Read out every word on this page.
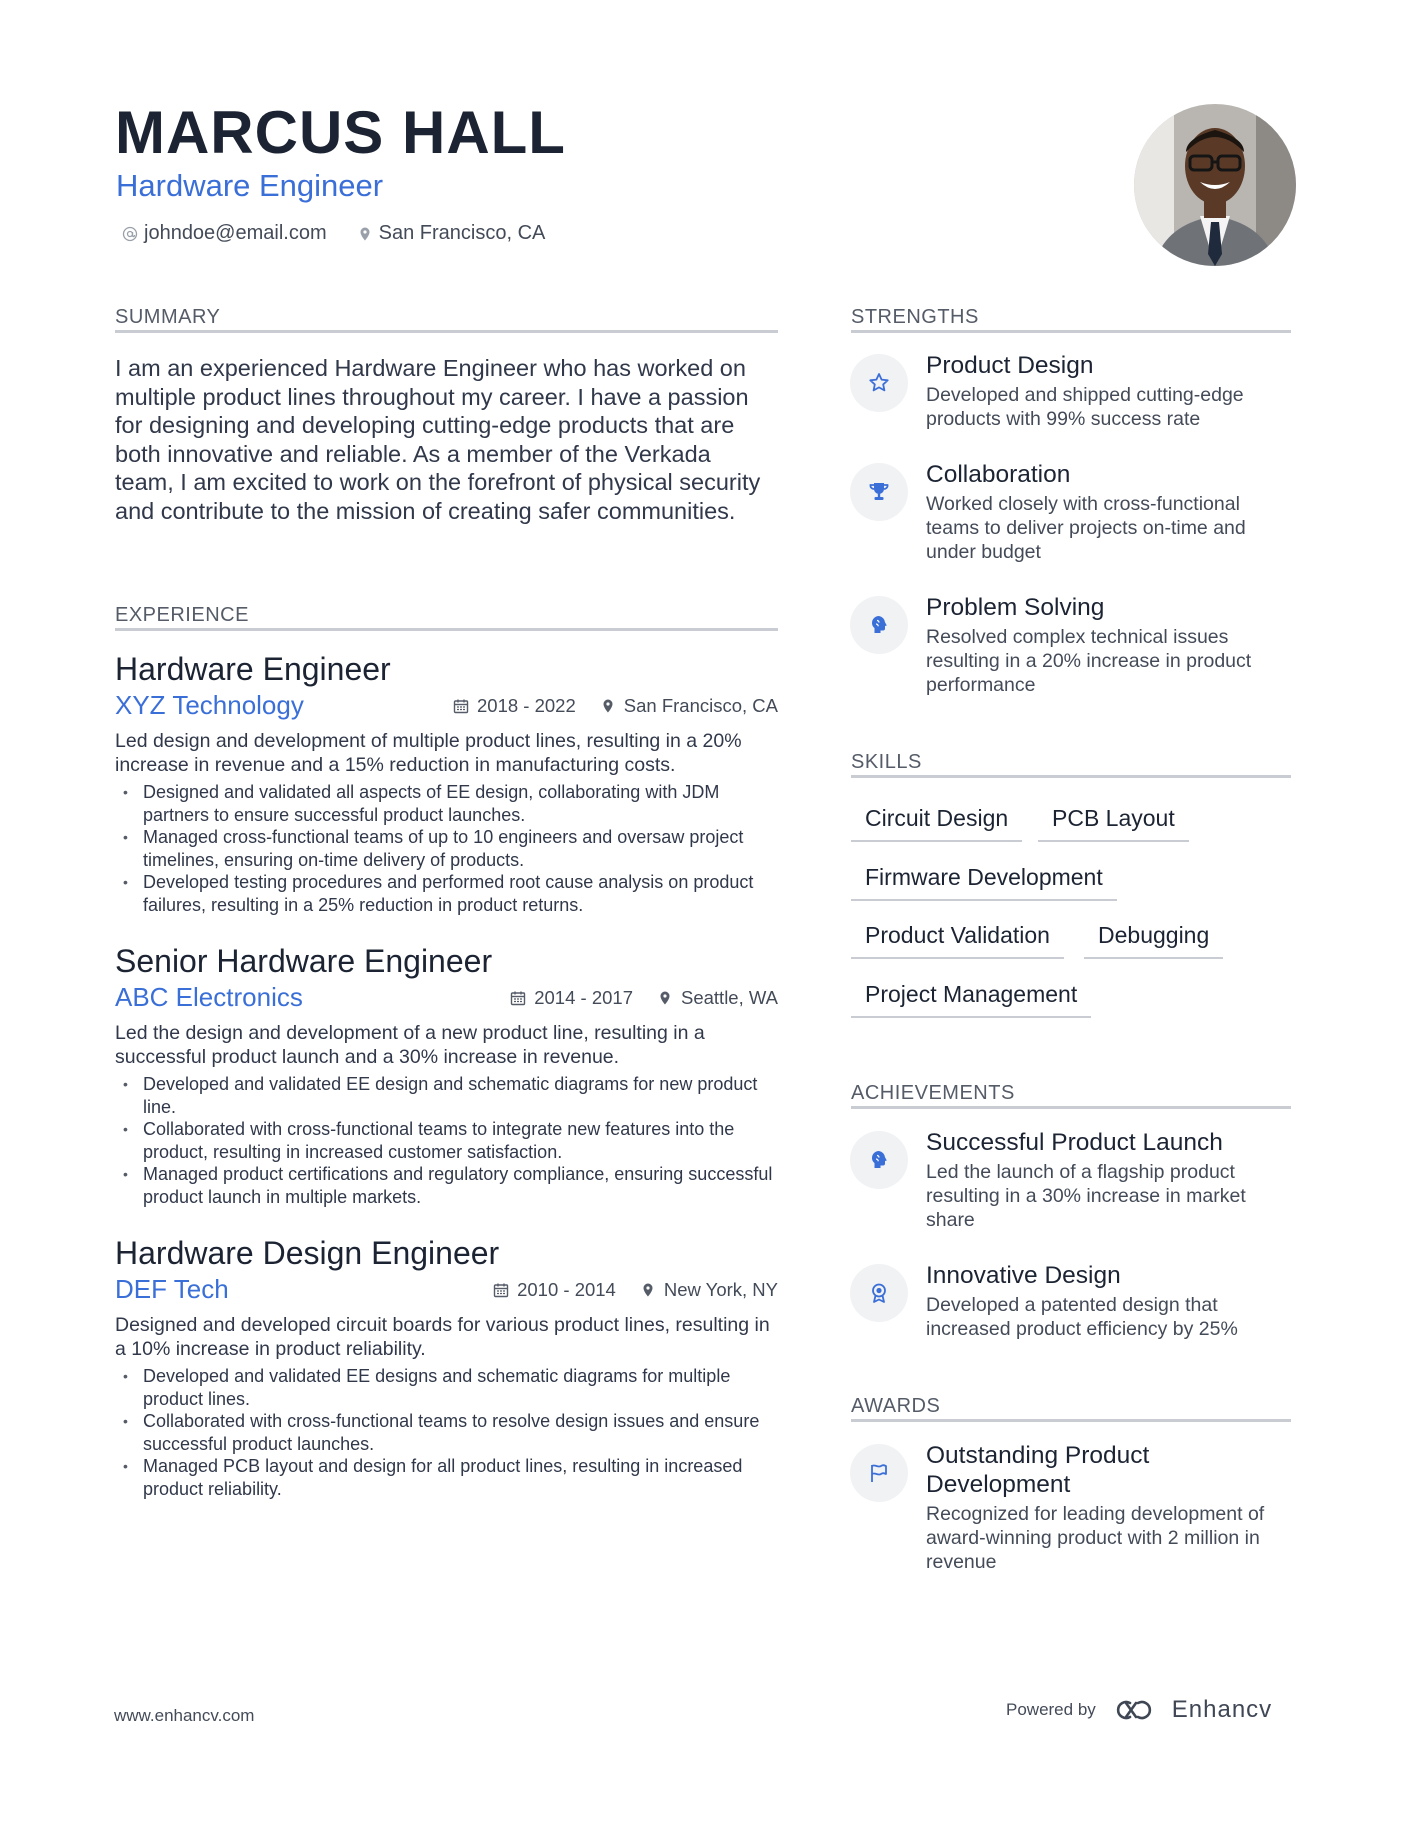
MARCUS HALL
Hardware Engineer
johndoe@email.com	San Francisco, CA
SUMMARY
I am an experienced Hardware Engineer who has worked on multiple product lines throughout my career. I have a passion for designing and developing cutting-edge products that are both innovative and reliable. As a member of the Verkada team, I am excited to work on the forefront of physical security and contribute to the mission of creating safer communities.
EXPERIENCE
Hardware Engineer
XYZ Technology	2018 - 2022	San Francisco, CA
Led design and development of multiple product lines, resulting in a 20% increase in revenue and a 15% reduction in manufacturing costs.
• Designed and validated all aspects of EE design, collaborating with JDM partners to ensure successful product launches.
• Managed cross-functional teams of up to 10 engineers and oversaw project timelines, ensuring on-time delivery of products.
• Developed testing procedures and performed root cause analysis on product failures, resulting in a 25% reduction in product returns.
Senior Hardware Engineer
ABC Electronics	2014 - 2017	Seattle, WA
Led the design and development of a new product line, resulting in a successful product launch and a 30% increase in revenue.
• Developed and validated EE design and schematic diagrams for new product line.
• Collaborated with cross-functional teams to integrate new features into the product, resulting in increased customer satisfaction.
• Managed product certifications and regulatory compliance, ensuring successful product launch in multiple markets.
Hardware Design Engineer
DEF Tech	2010 - 2014	New York, NY
Designed and developed circuit boards for various product lines, resulting in a 10% increase in product reliability.
• Developed and validated EE designs and schematic diagrams for multiple product lines.
• Collaborated with cross-functional teams to resolve design issues and ensure successful product launches.
• Managed PCB layout and design for all product lines, resulting in increased product reliability.
STRENGTHS
Product Design
Developed and shipped cutting-edge products with 99% success rate
Collaboration
Worked closely with cross-functional teams to deliver projects on-time and under budget
Problem Solving
Resolved complex technical issues resulting in a 20% increase in product performance
SKILLS
Circuit Design	PCB Layout
Firmware Development
Product Validation	Debugging
Project Management
ACHIEVEMENTS
Successful Product Launch
Led the launch of a flagship product resulting in a 30% increase in market share
Innovative Design
Developed a patented design that increased product efficiency by 25%
AWARDS
Outstanding Product Development
Recognized for leading development of award-winning product with 2 million in revenue
www.enhancv.com	Powered by	Enhancv
